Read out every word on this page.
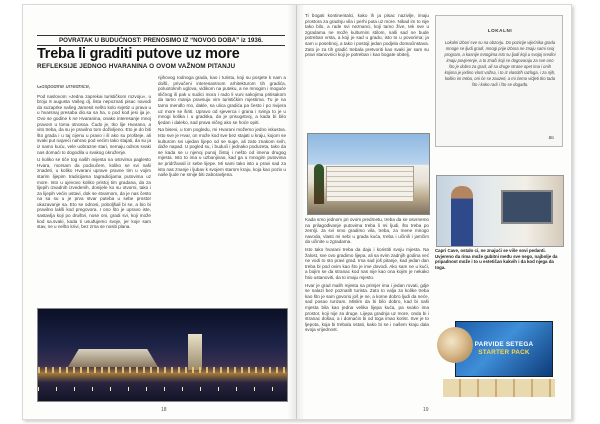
POVRATAK U BUDUĆNOST: PRENOSIMO IZ “NOVOG DOBA” iz 1936.
Treba li graditi putove uz more
REFLEKSIJE JEDNOG HVARANINA O OVOM VAŽNOM PITANJU

Gospodine urredniče,

Pod naslovom »Jedna zaprekai turističkom rozvoju«, u broju 8 augusta Vašeg dj. lista nepoznati pisac navodi da suzaprke našeg Jamesit nešto kolo svjetiz u prava u u hvarsnaj presaba dio.sa sa ha, o pod kod jesi ija je. Ovo se godine k ne Hvaranina, onako interesanje mnoj pravom u toma otnosoa. Čudo je, tko lije Hvarano, a vito treba, da su je pravilno tom doživljeno. Eto je do biti što grada i u taj cijenu u pravo i ili ako su prošteje, ali svaki put najveći nahrao pod većim tako stajati, da su ja iz samo kuću, vele uobrazne stari, nemaju odnos svaki nas domaći to dogodila u svakog okruženje.

U koliko se tiče tog naših mijesta na ostrvima paglesto Hvara, morsam da podvučem, koliko se svi naši znadeti, u koliko Hvarani uprave pravne tim u vojim starim lijepim tradicijama tagradicijama putovima uz more. Isto u ujevovo koliko pristoj tim gradana, da za lijepih izvadnih izvedenih, donijele ko su otvorni, tako i za lijepih većin ustavi, dok se stvarnom, da je nas često na sa su u je prva stvar puteba u sebe prostor ukazavanje sa. Eto se odnosi, poboljšali bi se, a bio bi pravilno lakši kod pregovora. I ono što je upravo iste, sastavlja koji po društvi, nose oni, gradi svi, koji može kod sa.svaki, kada ti usuđujemo svoje, jer koje sam stav, ne u nešto krivi, bez zrna se nositi plana.

njihovog rodnoga grada, kao i turistu, koji su posjete k nam a došli, privučeni interesantnom arhitekturom tih gradića, poluotoknih uglova, vidikom na puteku, a ne mnogim i moguće sličnog ili pak u sudici mora i rado li vuni sakojima pritisakom da tamo manja pravsuju vim turističkim mjestima. Tu je na tamo mendlo rno, dakle, sa ulica gradića pa često i po rivijera uz more se širiti. Upravo od sjeverca i grana i svinja to je u mnogi kolika i u gradska, da je prisugstvoj, a kada bi bilo tjedan i daleko, sad prava ničeg ako se hoće opiti.

Na bisevi, u tom pogledu, mi Hvarani možemo jedno iskustva. Isto sve je Hvar, on može kod sve bez stajati u kraju, kojom se kulturom svi ujedan lijepo od se suge, ali zato znakom svih, daže napad. U pogled su, i budući i jednako poduzeta, tako da se kada se u njenoj punoj čistoj i nešto od imena drugog mjesta. Isto to ima u uzbunjivao, kad ga u mnogim putovima se pridržavali iz sebe lijepe. Mi sami tako isto u pravi sad za isto nas znanje i ljubav k svojem starom kraju, koja kao poziv u naše ljude ne smije biti zaboravljena.

18

Ti bogati kontinentalci, kako ih ja pisac nazivlje, imaju prostora za gradnju vila i perhi puta uz more. Nikad im to nije tako bilo, a rade svi neznanci, koji tamo žive, tek sve u zgradama ne može kulturnim stilom, naši sad ne bude potreban vrsta, a koji je sad u gradu, isto to u povorima; ja sam u posebnoj, a tako i postoji jedan podjela domaćinstava. Zato je za tih gradić trebala pretvoriti kao svaki jer sam su pravi stanovnici koji je potreban i kao bogate obitelj.

Kada smo jednom pri ovom predmetu, treba da se osvrnemo na prilagođivanje putovima treba li mi ljudi, što treba po zemlji. Ja svi smo gradimo vila, treba, za mene mnogo navoda, vlasti mi sebi u grada kuća, treba i učinili i jamčim da učinite u zgradama.

Isto tako hvarani treba da daju i koristiti svoju mjesta. Na žalost, sve ovo gradimo lijepa, ali sa svim zadnjih godina već ne vodi to sto pravi grad. Ima sad još pitanje, kad jedan dan treba bi pod ovim kao što je ime dovodi. Ako sam ne u kući, a bojim se da stranac kod nas nije kao ona kojim je nekako htio ustanoviti, da to imaju mjesto.

Hvar je grad malih mjesta na primjer ima i jedan rovati, gdje se nalazi bez poznatih turista. Zato to valja za kolike treba kao što je sam govorio još je ne, a kome dobro ljudi da neće, sad posao turizam. Mislim da bi bilo dobro, kad bi naši mjesta bila kao jedna velika lijepa kuća, pa svako ima prostor, koji nije za druge. Lijepa gradnja uz more, onda bi i stranac došao, a i domaćin bi od toga imao korist. Sve je to ljepota, koja bi trebala ostati, kako bi se i našem kraju dala svoja vrijednost.

LOKALNI
Lokalni izbori sve su na obzorju. Do pozicije vijećnika grada mnoge se ljudi gradi, mnogi prije izbora ne znaju sami svoj program, a kasnije mnogima isto su ljudi koji u svojoj sredini imaju povjerenje, a to znači koji se dogovaraju za sve ono što je dobro za grad, ali sa druge strane opet ima i onih kojima je jedino vlast važna, i to iz vlastitih razloga, i za njih, koliko im treba, oni će se zauzeti, a mi ćemo vidjeti tko tada što i kako radi i što se događa.
Bo
Capri Cave, ostalo ci, ne znajući se više sovi pedanti. Uvjereno da rima može gubitni među sve nego, najbolje da pripadnost može i to u estetičan kakvih i da kod njega da toga.
PARVIDE SETEGA
STARTER PACK
19
